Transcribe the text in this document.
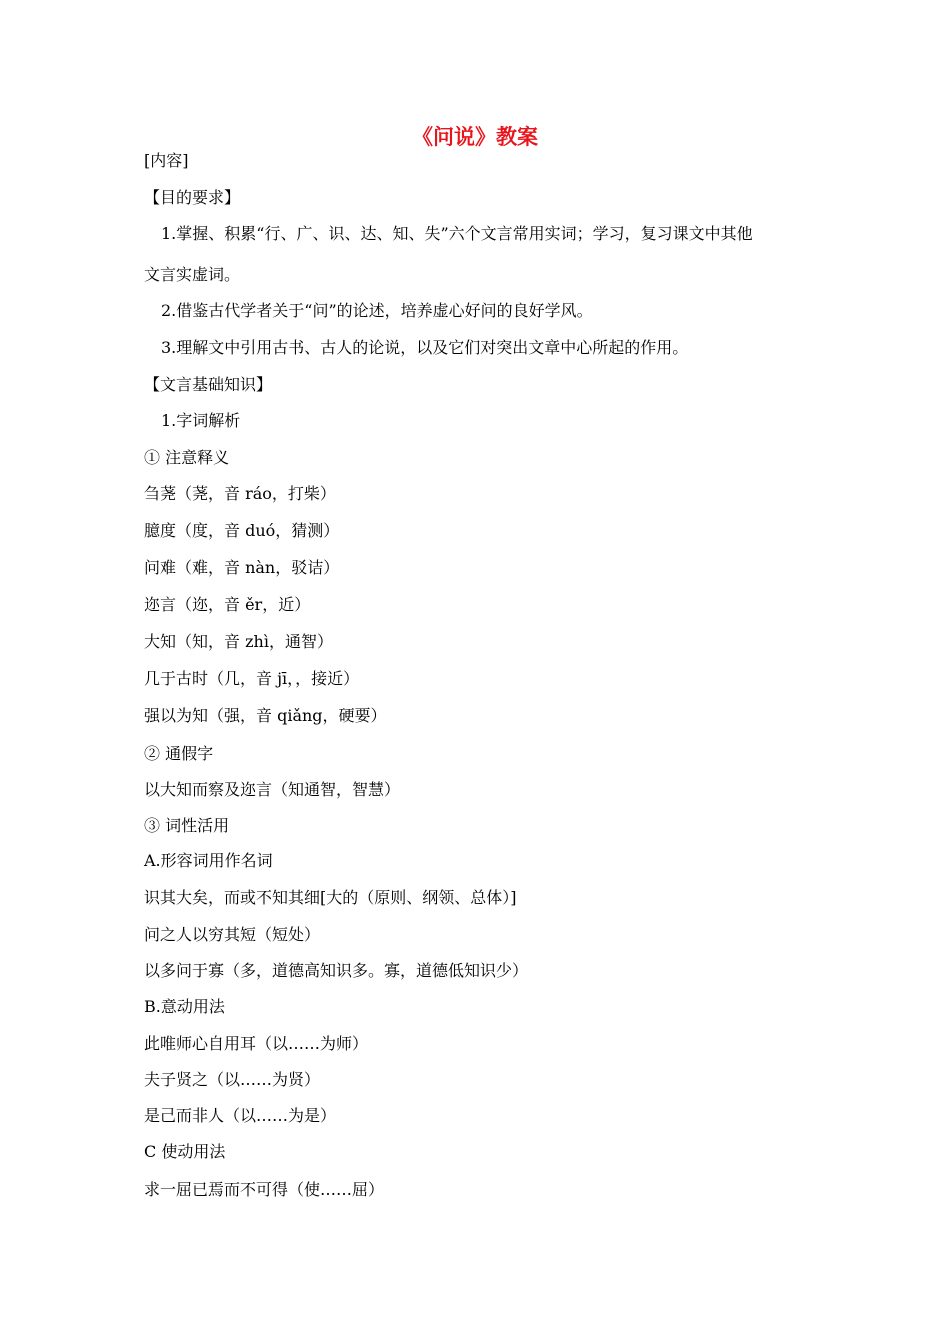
《问说》教案
[内容]
【目的要求】
1.掌握、积累“行、广、识、达、知、失”六个文言常用实词；学习，复习课文中其他
文言实虚词。
2.借鉴古代学者关于“问”的论述，培养虚心好问的良好学风。
3.理解文中引用古书、古人的论说，以及它们对突出文章中心所起的作用。
【文言基础知识】
1.字词解析
① 注意释义
刍荛（荛，音 ráo，打柴）
臆度（度，音 duó，猜测）
问难（难，音 nàn，驳诘）
迩言（迩，音 ěr，近）
大知（知，音 zhì，通智）
几于古时（几，音 jī，，接近）
强以为知（强，音 qiǎng，硬要）
② 通假字
以大知而察及迩言（知通智，智慧）
③ 词性活用
A.形容词用作名词
识其大矣，而或不知其细[大的（原则、纲领、总体）]
问之人以穷其短（短处）
以多问于寡（多，道德高知识多。寡，道德低知识少）
B.意动用法
此唯师心自用耳（以……为师）
夫子贤之（以……为贤）
是己而非人（以……为是）
C 使动用法
求一屈已焉而不可得（使……屈）
